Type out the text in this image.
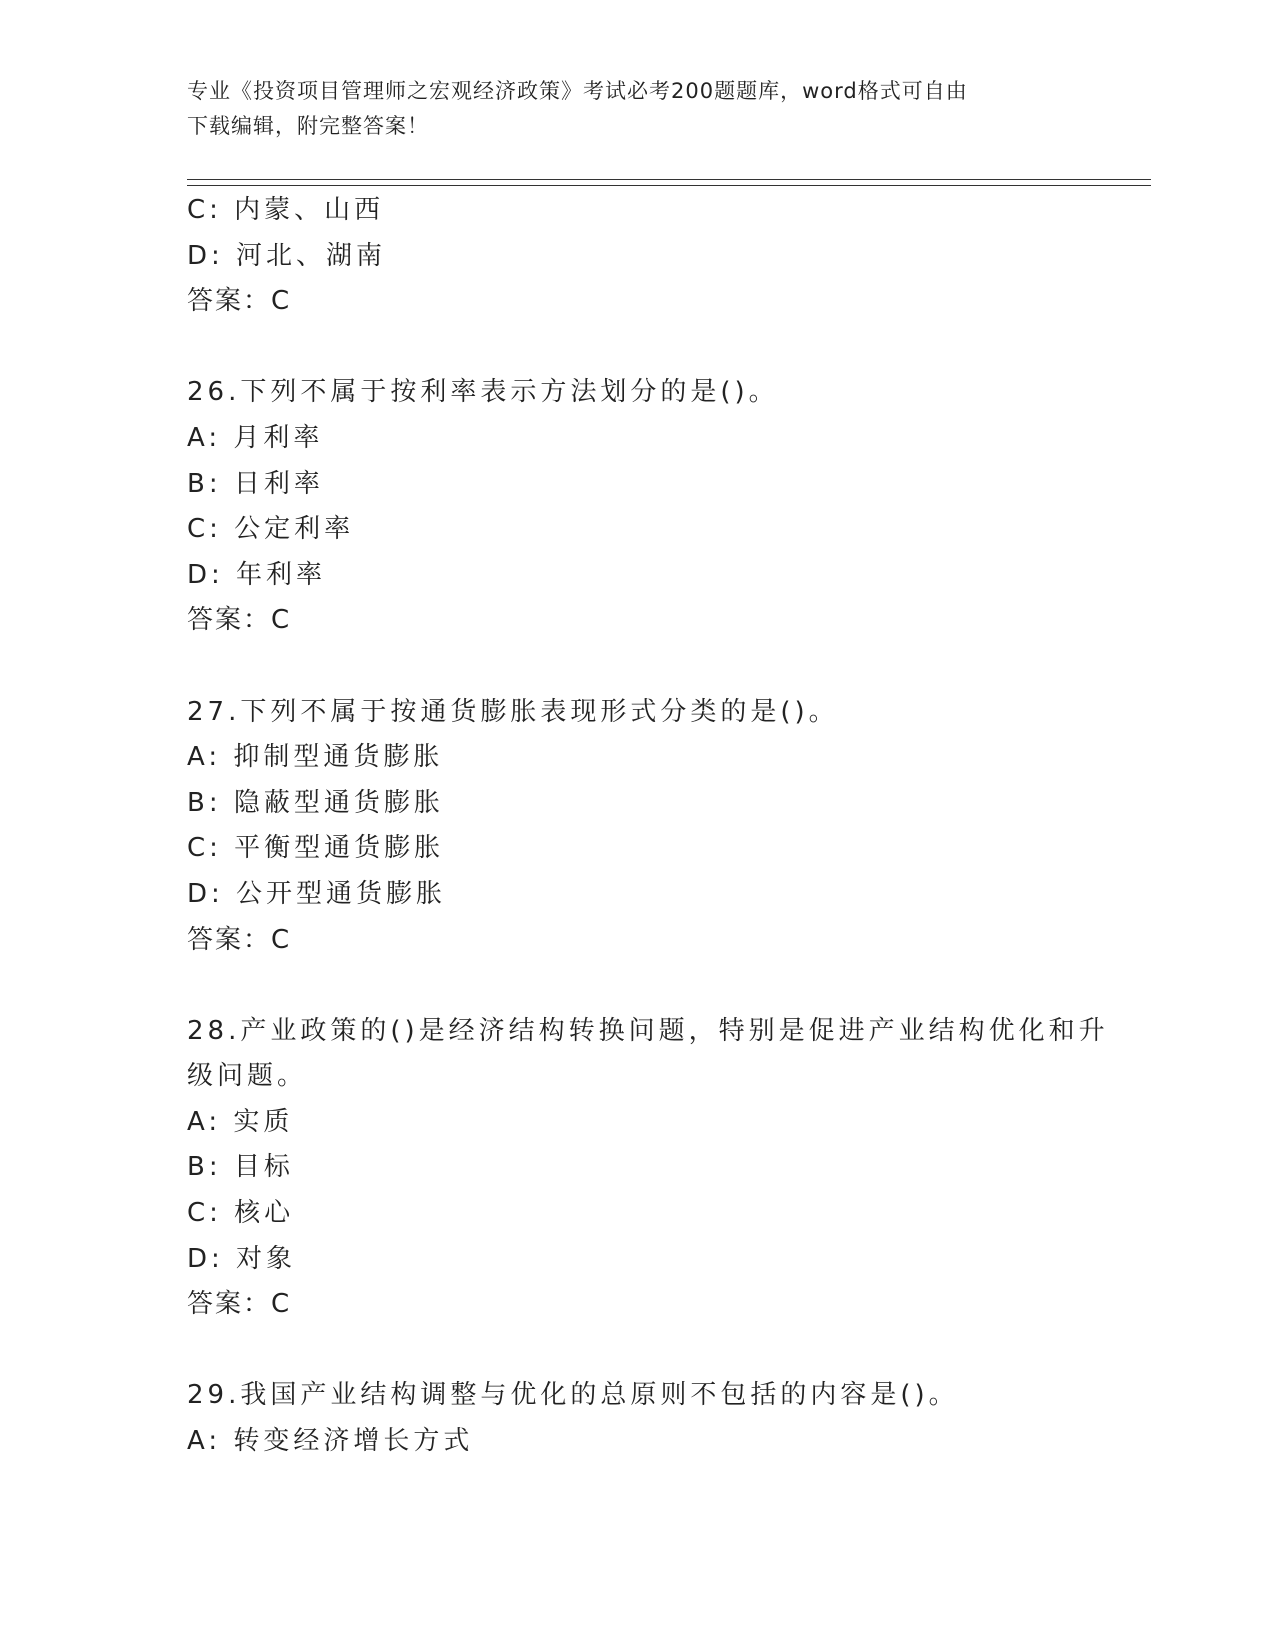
专业《投资项目管理师之宏观经济政策》考试必考200题题库，word格式可自由
下载编辑，附完整答案！
C: 内蒙、山西
D: 河北、湖南
答案：C
26.下列不属于按利率表示方法划分的是()。
A: 月利率
B: 日利率
C: 公定利率
D: 年利率
答案：C
27.下列不属于按通货膨胀表现形式分类的是()。
A: 抑制型通货膨胀
B: 隐蔽型通货膨胀
C: 平衡型通货膨胀
D: 公开型通货膨胀
答案：C
28.产业政策的()是经济结构转换问题，特别是促进产业结构优化和升
级问题。
A: 实质
B: 目标
C: 核心
D: 对象
答案：C
29.我国产业结构调整与优化的总原则不包括的内容是()。
A: 转变经济增长方式
